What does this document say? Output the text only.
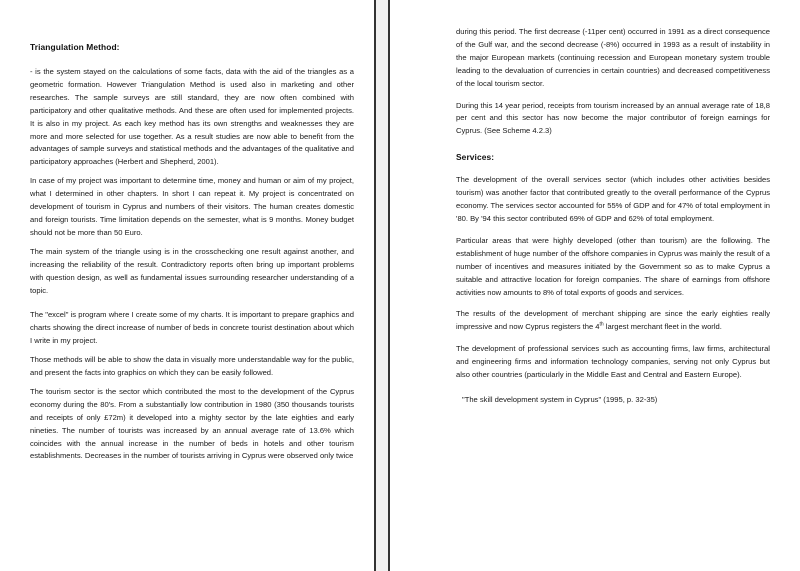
Triangulation Method:

- is the system stayed on the calculations of some facts, data with the aid of the triangles as a geometric formation. However Triangulation Method is used also in marketing and other researches. The sample surveys are still standard, they are now often combined with participatory and other qualitative methods. And these are often used for implemented projects. It is also in my project. As each key method has its own strengths and weaknesses they are more and more selected for use together. As a result studies are now able to benefit from the advantages of sample surveys and statistical methods and the advantages of the qualitative and participatory approaches (Herbert and Shepherd, 2001).

In case of my project was important to determine time, money and human or aim of my project, what I determined in other chapters. In short I can repeat it. My project is concentrated on development of tourism in Cyprus and numbers of their visitors. The human creates domestic and foreign tourists. Time limitation depends on the semester, what is 9 months. Money budget should not be more than 50 Euro.

The main system of the triangle using is in the crosschecking one result against another, and increasing the reliability of the result. Contradictory reports often bring up important problems with question design, as well as fundamental issues surrounding researcher understanding of a topic.

The "excel" is program where I create some of my charts. It is important to prepare graphics and charts showing the direct increase of number of beds in concrete tourist destination about which I write in my project.

Those methods will be able to show the data in visually more understandable way for the public, and present the facts into graphics on which they can be easily followed.

The tourism sector is the sector which contributed the most to the development of the Cyprus economy during the 80's. From a substantially low contribution in 1980 (350 thousands tourists and receipts of only £72m) it developed into a mighty sector by the late eighties and early nineties. The number of tourists was increased by an annual average rate of 13.6% which coincides with the annual increase in the number of beds in hotels and other tourism establishments. Decreases in the number of tourists arriving in Cyprus were observed only twice

during this period. The first decrease (-11per cent) occurred in 1991 as a direct consequence of the Gulf war, and the second decrease (-8%) occurred in 1993 as a result of instability in the major European markets (continuing recession and European monetary system trouble leading to the devaluation of currencies in certain countries) and decreased competitiveness of the local tourism sector.

During this 14 year period, receipts from tourism increased by an annual average rate of 18,8 per cent and this sector has now become the major contributor of foreign earnings for Cyprus. (See Scheme 4.2.3)

Services:

The development of the overall services sector (which includes other activities besides tourism) was another factor that contributed greatly to the overall performance of the Cyprus economy. The services sector accounted for 55% of GDP and for 47% of total employment in '80. By '94 this sector contributed 69% of GDP and 62% of total employment.

Particular areas that were highly developed (other than tourism) are the following. The establishment of huge number of the offshore companies in Cyprus was mainly the result of a number of incentives and measures initiated by the Government so as to make Cyprus a suitable and attractive location for foreign companies. The share of earnings from offshore activities now amounts to 8% of total exports of goods and services.

The results of the development of merchant shipping are since the early eighties really impressive and now Cyprus registers the 4th largest merchant fleet in the world.

The development of professional services such as accounting firms, law firms, architectural and engineering firms and information technology companies, serving not only Cyprus but also other countries (particularly in the Middle East and Central and Eastern Europe).

"The skill development system in Cyprus" (1995, p. 32-35)
